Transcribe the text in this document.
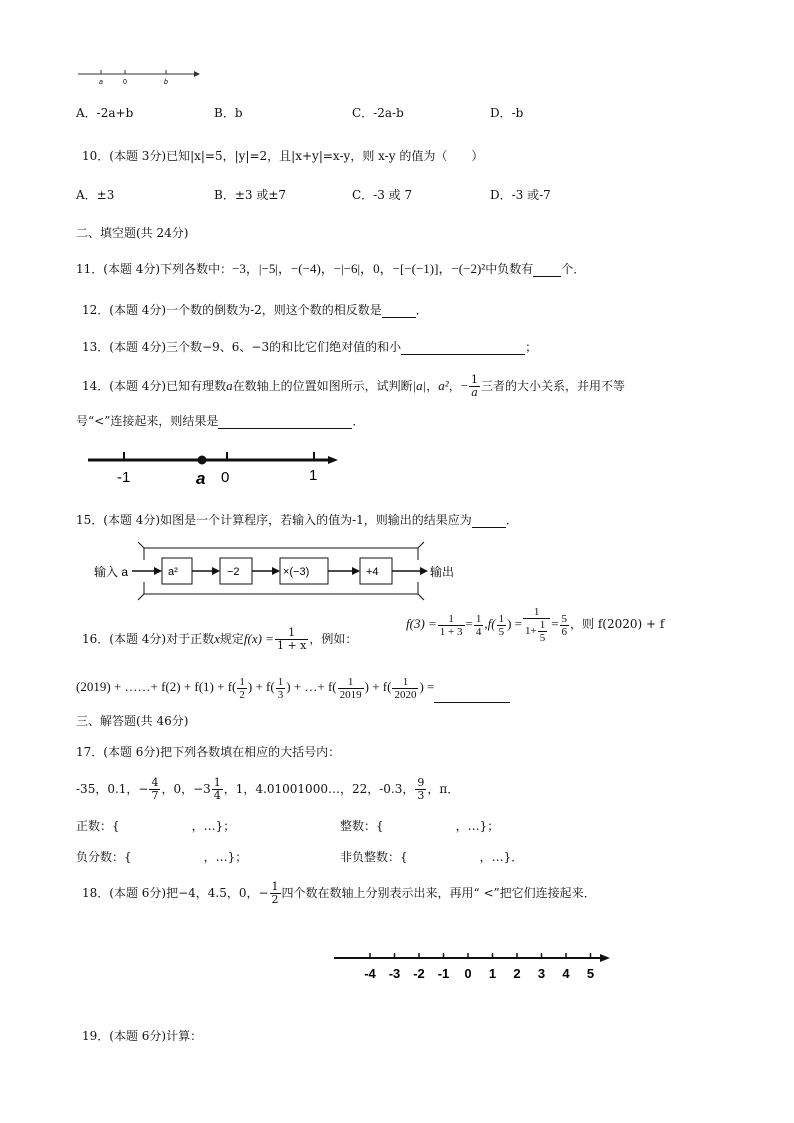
a	0	b
A．-2a+b	B．b	C．-2a-b	D．-b
10．(本题 3分)已知|x|=5，|y|=2，且|x+y|=x-y，则 x-y 的值为（　　）
A．±3	B．±3 或±7	C．-3 或 7	D．-3 或-7
二、填空题(共 24分)
11．(本题 4分)下列各数中：−3，|−5|，−(−4)，−|−6|，0，−[−(−1)]，−(−2)²中负数有 个．
12．(本题 4分)一个数的倒数为-2，则这个数的相反数是	．
13．(本题 4分)三个数−9、6、−3的和比它们绝对值的和小	；
14．(本题 4分)已知有理数a在数轴上的位置如图所示，试判断|a|，a²，− $\frac{1}{a}$ 三者的大小关系，并用不等
号“<”连接起来，则结果是	．
-1	a 0	1
15．(本题 4分)如图是一个计算程序，若输入的值为-1，则输出的结果应为	．
输入 a	a²	−2	×(−3)	+4	输出
16．(本题 4分)对于正数x规定$f(x) = \frac{1}{1 + x}$ ，例如：
$f(3) = \frac{1}{1 + 3} = \frac{1}{4} ,f( \frac{1}{5}$ ) = $\frac{1}{1+ \frac{1}{5}} = \frac{5}{6}$ ，则 f(2020) + f
(2019) + ……+ $f(2) + f(1) + f( \frac{1}{2}$ ) + $f( \frac{1}{3}$ ) + …+ $f( \frac{1}{2019}$ ) + $f( \frac{1}{2020}$ ) =
三、解答题(共 46分)
17．(本题 6分)把下列各数填在相应的大括号内：
-35，0.1，− $\frac{4}{7}$ ，0，$-3 \frac{1}{4}$ ，1，4.01001000…，22，-0.3， $\frac{9}{3}$ ，π．
正数：{　　　　　　，…}；	整数：{　　　　　　，…}；
负分数：{　　　　　　，…}；	非负整数：{　　　　　　，…}．
18．(本题 6分)把−4，4.5，0，− $\frac{1}{2}$ 四个数在数轴上分别表示出来，再用“ <”把它们连接起来．
-4 -3 -2 -1 0 1 2 3 4 5
19．(本题 6分)计算：
